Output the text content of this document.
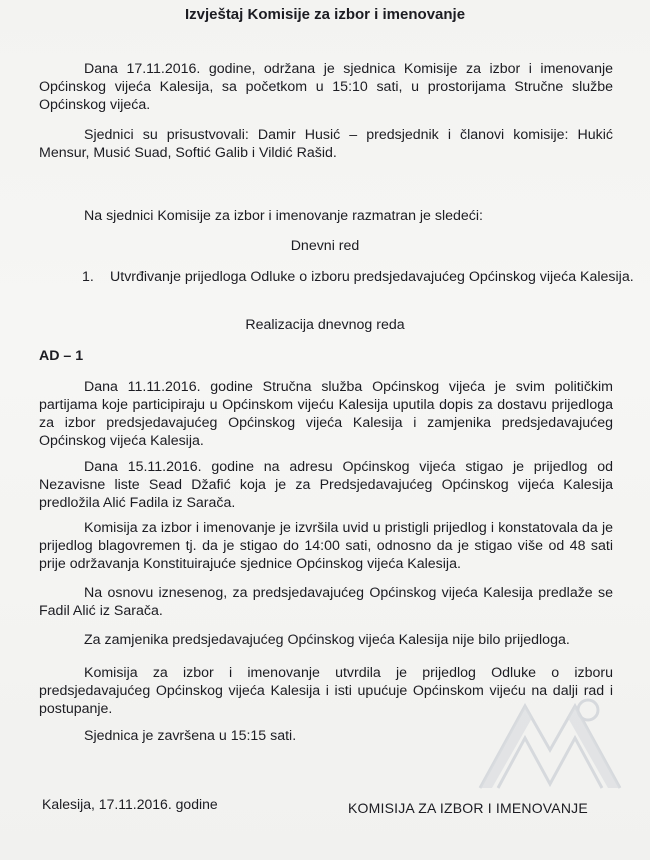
Izvještaj Komisije za izbor i imenovanje
Dana 17.11.2016. godine, održana je sjednica Komisije za izbor i imenovanje Općinskog vijeća Kalesija, sa početkom u 15:10 sati, u prostorijama Stručne službe Općinskog vijeća.
Sjednici su prisustvovali: Damir Husić – predsjednik i članovi komisije: Hukić Mensur, Musić Suad, Softić Galib i Vildić Rašid.
Na sjednici Komisije za izbor i imenovanje razmatran je sledeći:
Dnevni red
1. Utvrđivanje prijedloga Odluke o izboru predsjedavajućeg Općinskog vijeća Kalesija.
Realizacija dnevnog reda
AD – 1
Dana 11.11.2016. godine Stručna služba Općinskog vijeća je svim političkim partijama koje participiraju u Općinskom vijeću Kalesija uputila dopis za dostavu prijedloga za izbor predsjedavajućeg Općinskog vijeća Kalesija i zamjenika predsjedavajućeg Općinskog vijeća Kalesija.
Dana 15.11.2016. godine na adresu Općinskog vijeća stigao je prijedlog od Nezavisne liste Sead Džafić koja je za Predsjedavajućeg Općinskog vijeća Kalesija predložila Alić Fadila iz Sarača.
Komisija za izbor i imenovanje je izvršila uvid u pristigli prijedlog i konstatovala da je prijedlog blagovremen tj. da je stigao do 14:00 sati, odnosno da je stigao više od 48 sati prije održavanja Konstituirajuće sjednice Općinskog vijeća Kalesija.
Na osnovu iznesenog, za predsjedavajućeg Općinskog vijeća Kalesija predlaže se Fadil Alić iz Sarača.
Za zamjenika predsjedavajućeg Općinskog vijeća Kalesija nije bilo prijedloga.
Komisija za izbor i imenovanje utvrdila je prijedlog Odluke o izboru predsjedavajućeg Općinskog vijeća Kalesija i isti upućuje Općinskom vijeću na dalji rad i postupanje.
Sjednica je završena u 15:15 sati.
Kalesija, 17.11.2016. godine	KOMISIJA ZA IZBOR I IMENOVANJE
